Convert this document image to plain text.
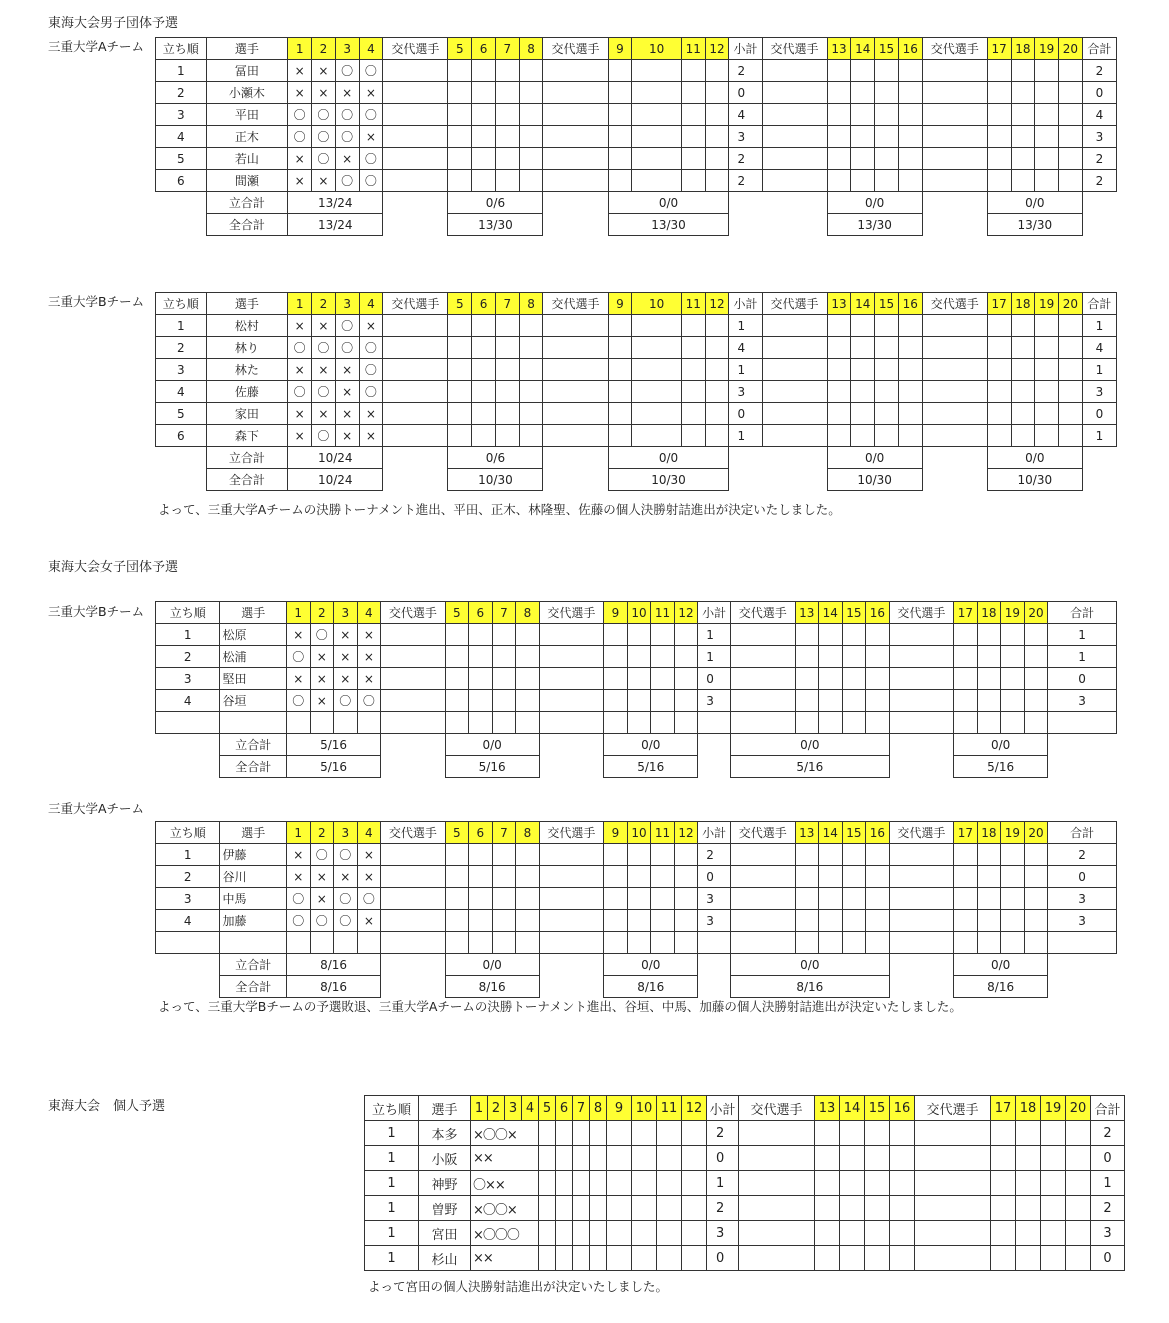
東海大会男子団体予選
三重大学Aチーム 立ち順	選手	1	2	3	4	交代選手	5	6	7	8	交代選手	9	10	11	12	小計	交代選手	13	14	15	16	交代選手	17	18	19	20	合計
1	冨田	×	×	〇	〇											2											2
2	小瀬木	×	×	×	×											0											0
3	平田	〇	〇	〇	〇											4											4
4	正木	〇	〇	〇	×											3											3
5	若山	×	〇	×	〇											2											2
6	間瀬	×	×	〇	〇											2											2
	立合計	13/24					0/6					0/0						0/0					0/0				
	全合計	13/24					13/30					13/30						13/30					13/30				
三重大学Bチーム 立ち順	選手	1	2	3	4	交代選手	5	6	7	8	交代選手	9	10	11	12	小計	交代選手	13	14	15	16	交代選手	17	18	19	20	合計
1	松村	×	×	〇	×											1											1
2	林り	〇	〇	〇	〇											4											4
3	林た	×	×	×	〇											1											1
4	佐藤	〇	〇	×	〇											3											3
5	家田	×	×	×	×											0											0
6	森下	×	〇	×	×											1											1
	立合計	10/24					0/6					0/0						0/0					0/0				
	全合計	10/24					10/30					10/30						10/30					10/30				
よって、三重大学Aチームの決勝トーナメント進出、平田、正木、林隆聖、佐藤の個人決勝射詰進出が決定いたしました。
東海大会女子団体予選
三重大学Bチーム 立ち順	選手	1	2	3	4	交代選手	5	6	7	8	交代選手	9	10	11	12	小計	交代選手	13	14	15	16	交代選手	17	18	19	20	合計
1	松原	×	〇	×	×											1											1
2	松浦	〇	×	×	×											1											1
3	堅田	×	×	×	×											0											0
4	谷垣	〇	×	〇	〇											3											3

	立合計	5/16					0/0					0/0					0/0						0/0				
	全合計	5/16					5/16					5/16					5/16						5/16				
三重大学Aチーム
立ち順	選手	1	2	3	4	交代選手	5	6	7	8	交代選手	9	10	11	12	小計	交代選手	13	14	15	16	交代選手	17	18	19	20	合計
1	伊藤	×	〇	〇	×											2											2
2	谷川	×	×	×	×											0											0
3	中馬	〇	×	〇	〇											3											3
4	加藤	〇	〇	〇	×											3											3

	立合計	8/16					0/0					0/0					0/0						0/0				
	全合計	8/16					8/16					8/16					8/16						8/16				
よって、三重大学Bチームの予選敗退、三重大学Aチームの決勝トーナメント進出、谷垣、中馬、加藤の個人決勝射詰進出が決定いたしました。
東海大会　個人予選	立ち順	選手	1	2	3	4	5	6	7	8	9	10	11	12	小計	交代選手	13	14	15	16	交代選手	17	18	19	20	合計
1	本多	×〇〇×												2											2
1	小阪	××												0											0
1	神野	〇××												1											1
1	曽野	×〇〇×												2											2
1	宮田	×〇〇〇												3											3
1	杉山	××												0											0
よって宮田の個人決勝射詰進出が決定いたしました。
